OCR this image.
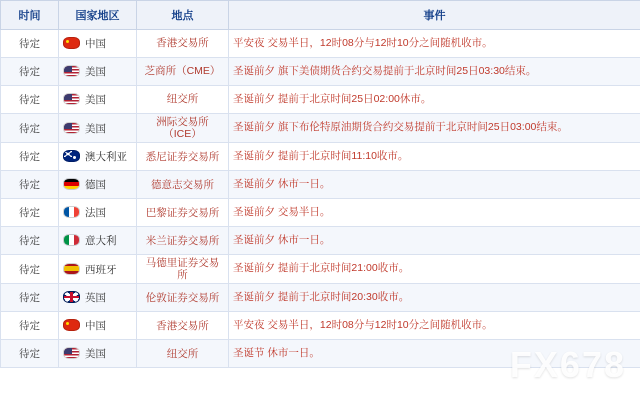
时间	国家地区	地点	事件
待定	中国	香港交易所	平安夜 交易半日，12时08分与12时10分之间随机收市。
待定	美国	芝商所（CME）	圣诞前夕 旗下美债期货合约交易提前于北京时间25日03:30结束。
待定	美国	纽交所	圣诞前夕 提前于北京时间25日02:00休市。
待定	美国	洲际交易所（ICE）	圣诞前夕 旗下布伦特原油期货合约交易提前于北京时间25日03:00结束。
待定	澳大利亚	悉尼证券交易所	圣诞前夕 提前于北京时间11:10收市。
待定	德国	德意志交易所	圣诞前夕 休市一日。
待定	法国	巴黎证券交易所	圣诞前夕 交易半日。
待定	意大利	米兰证券交易所	圣诞前夕 休市一日。
待定	西班牙	马德里证券交易所	圣诞前夕 提前于北京时间21:00收市。
待定	英国	伦敦证券交易所	圣诞前夕 提前于北京时间20:30收市。
待定	中国	香港交易所	平安夜 交易半日，12时08分与12时10分之间随机收市。
待定	美国	纽交所	圣诞节 休市一日。	FX678
